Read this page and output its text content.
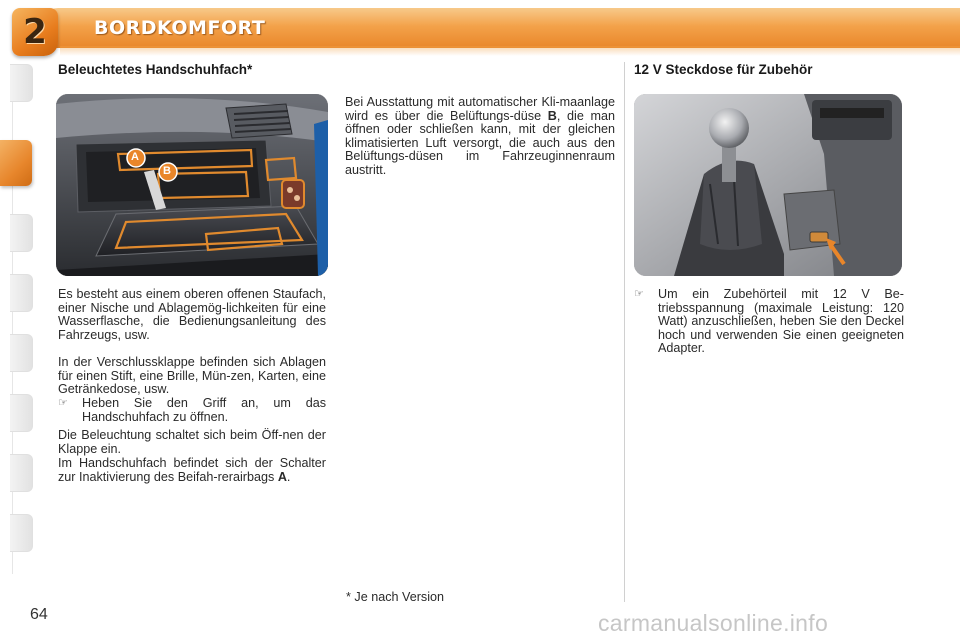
2 BORDKOMFORT
Beleuchtetes Handschuhfach*
A
B

Es besteht aus einem oberen offenen Staufach, einer Nische und Ablagemög-lichkeiten für eine Wasserflasche, die Bedienungsanleitung des Fahrzeugs, usw.

In der Verschlussklappe befinden sich Ablagen für einen Stift, eine Brille, Mün-zen, Karten, eine Getränkedose, usw.

☞	Heben Sie den Griff an, um das Handschuhfach zu öffnen.

Die Beleuchtung schaltet sich beim Öff-nen der Klappe ein.

Im Handschuhfach befindet sich der Schalter zur Inaktivierung des Beifah-rerairbags A.

Bei Ausstattung mit automatischer Kli-maanlage wird es über die Belüftungs-düse B, die man öffnen oder schließen kann, mit der gleichen klimatisierten Luft versorgt, die auch aus den Belüftungs-düsen im Fahrzeuginnenraum austritt.

* Je nach Version
12 V Steckdose für Zubehör
☞	Um ein Zubehörteil mit 12 V Be-triebsspannung (maximale Leistung: 120 Watt) anzuschließen, heben Sie den Deckel hoch und verwenden Sie einen geeigneten Adapter.
64	carmanualsonline.info
